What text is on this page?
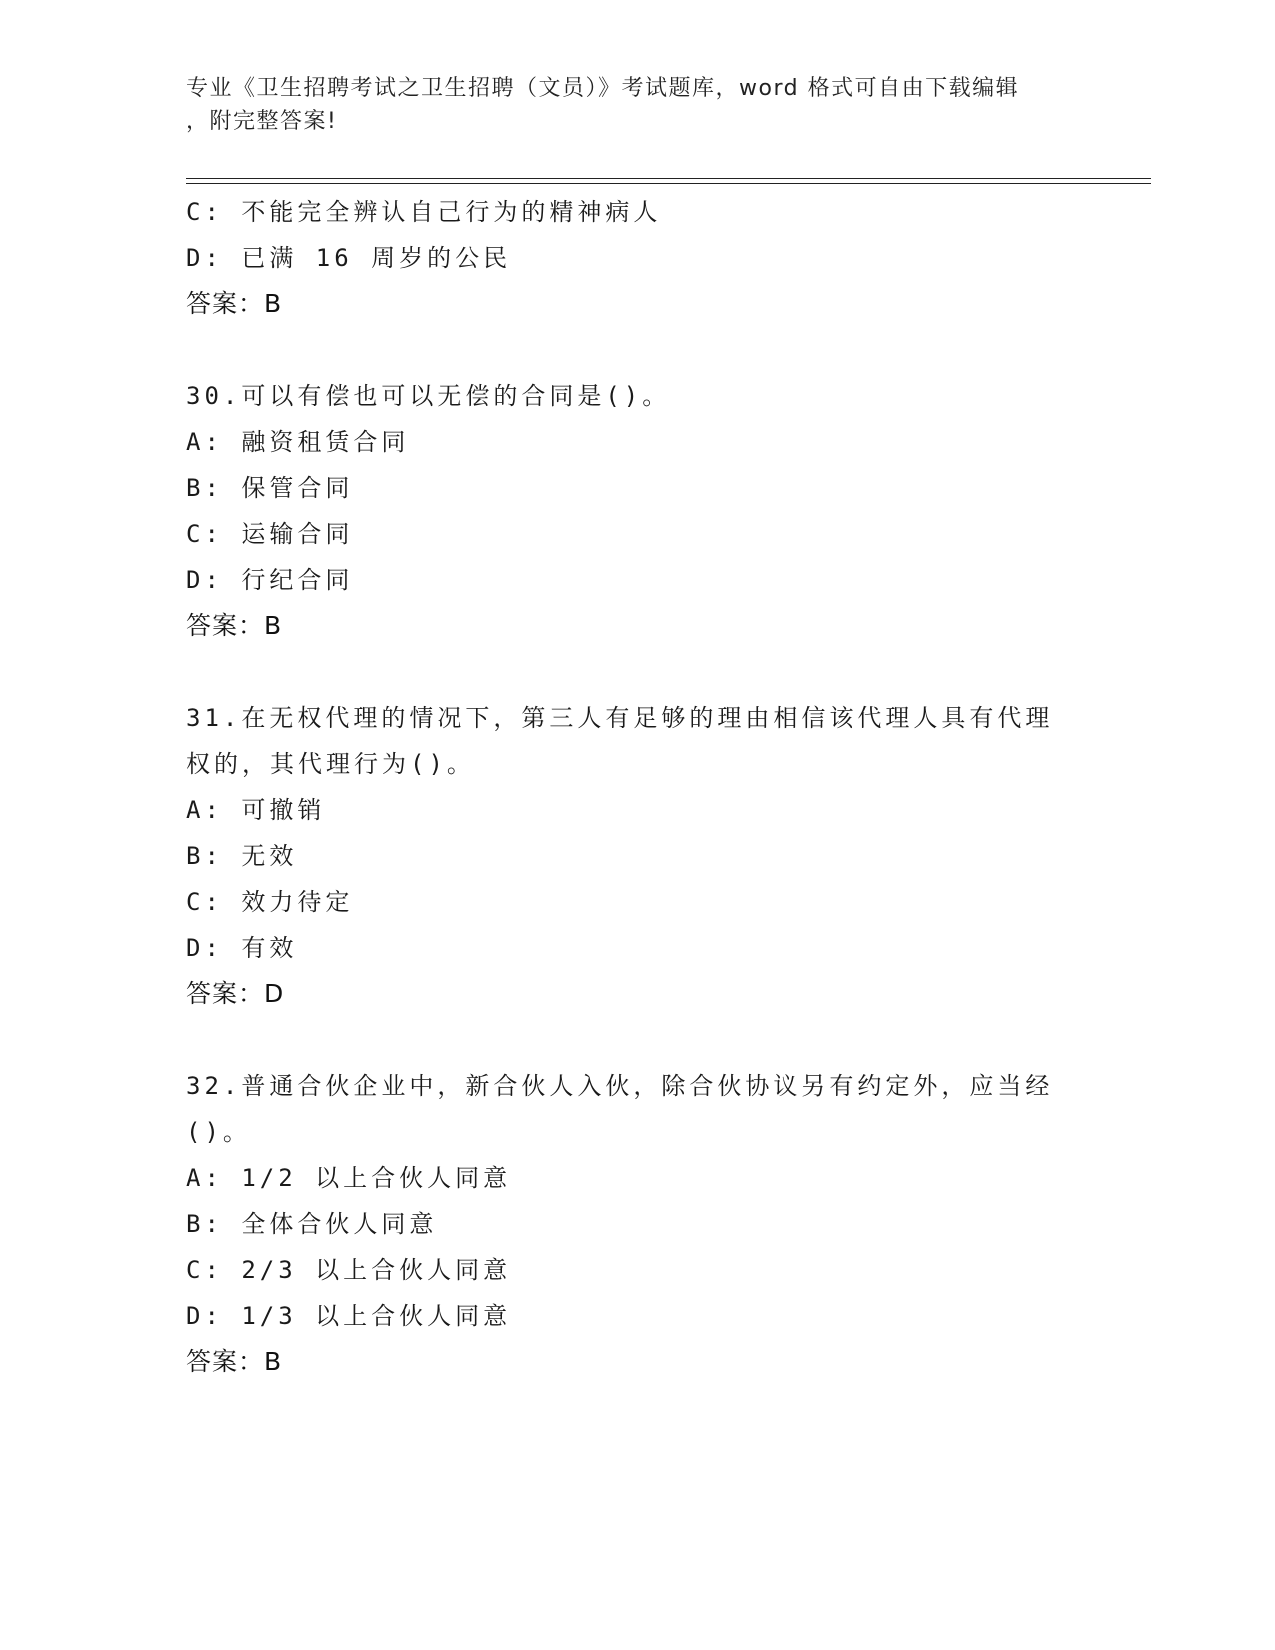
专业《卫生招聘考试之卫生招聘（文员）》考试题库，word 格式可自由下载编辑
，附完整答案!
C: 不能完全辨认自己行为的精神病人
D: 已满 16 周岁的公民
答案：B
30.可以有偿也可以无偿的合同是()。
A: 融资租赁合同
B: 保管合同
C: 运输合同
D: 行纪合同
答案：B
31.在无权代理的情况下，第三人有足够的理由相信该代理人具有代理
权的，其代理行为()。
A: 可撤销
B: 无效
C: 效力待定
D: 有效
答案：D
32.普通合伙企业中，新合伙人入伙，除合伙协议另有约定外，应当经
()。
A: 1/2 以上合伙人同意
B: 全体合伙人同意
C: 2/3 以上合伙人同意
D: 1/3 以上合伙人同意
答案：B
